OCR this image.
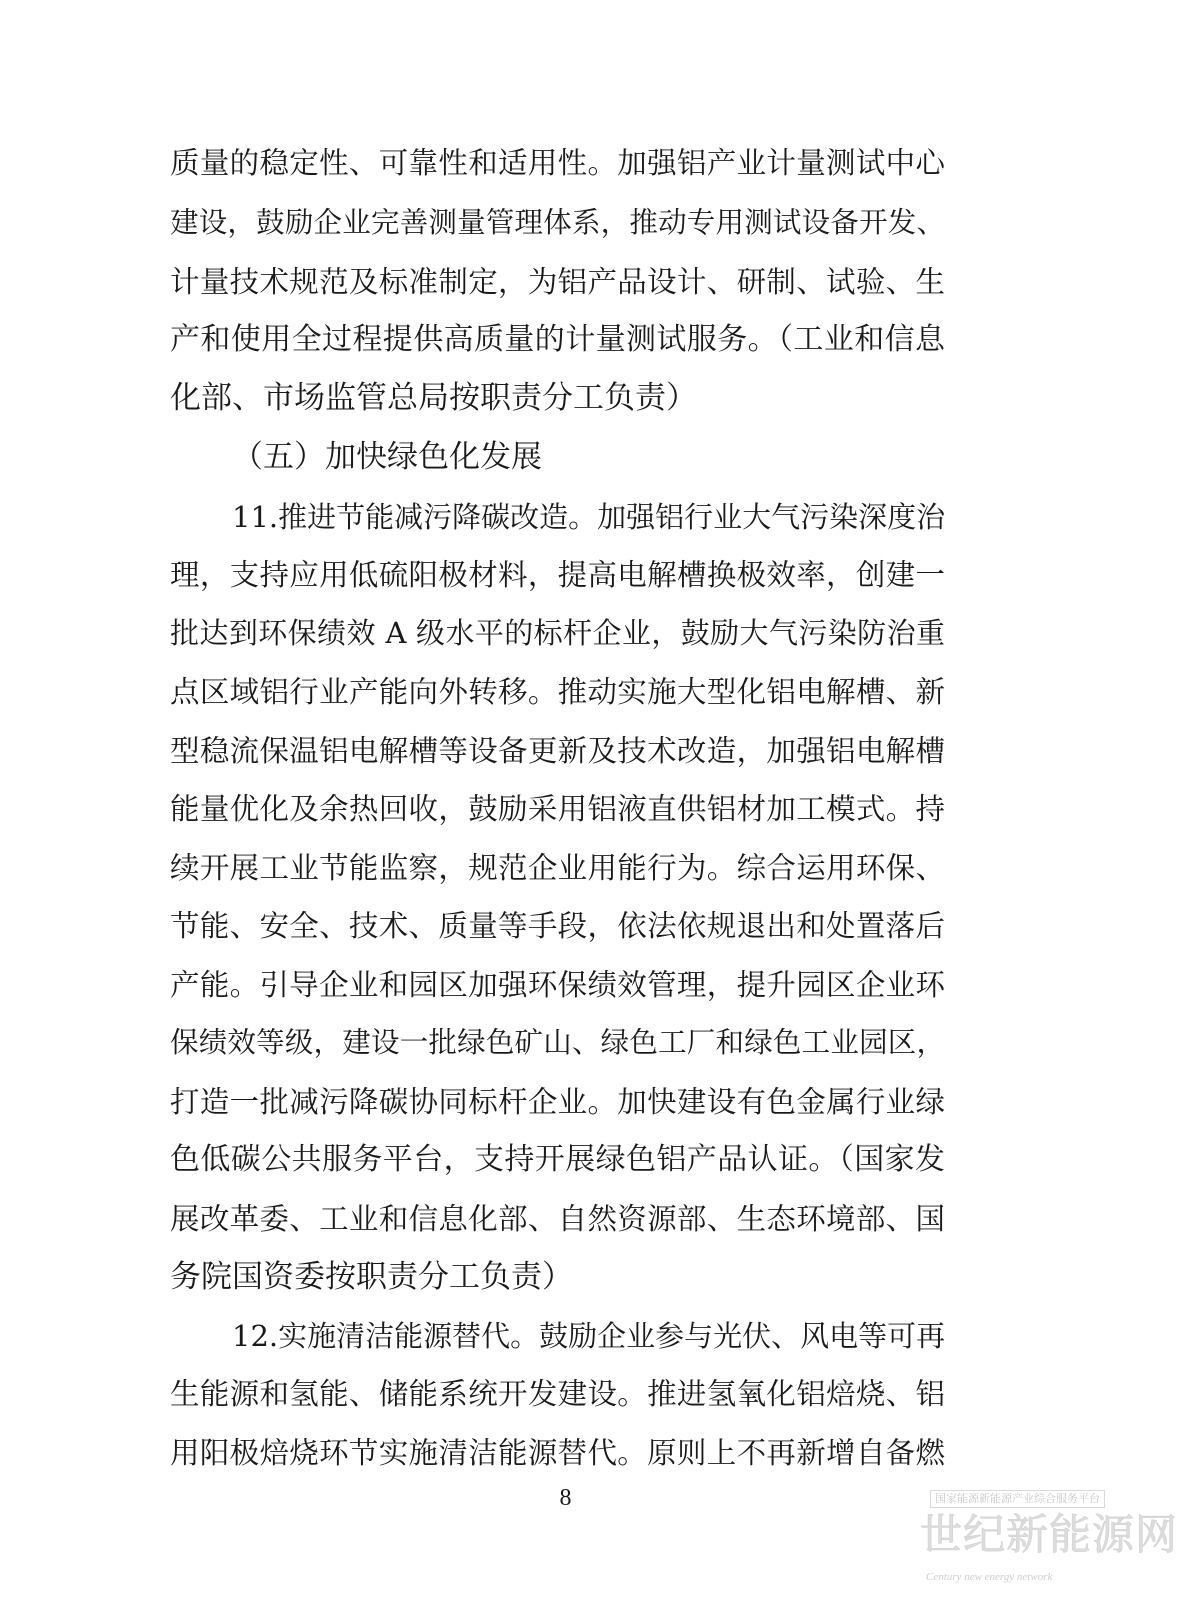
质量的稳定性、可靠性和适用性。加强铝产业计量测试中心
建设，鼓励企业完善测量管理体系，推动专用测试设备开发、
计量技术规范及标准制定，为铝产品设计、研制、试验、生
产和使用全过程提供高质量的计量测试服务。（工业和信息
化部、市场监管总局按职责分工负责）
（五）加快绿色化发展
11.推进节能减污降碳改造。加强铝行业大气污染深度治
理，支持应用低硫阳极材料，提高电解槽换极效率，创建一
批达到环保绩效 A 级水平的标杆企业，鼓励大气污染防治重
点区域铝行业产能向外转移。推动实施大型化铝电解槽、新
型稳流保温铝电解槽等设备更新及技术改造，加强铝电解槽
能量优化及余热回收，鼓励采用铝液直供铝材加工模式。持
续开展工业节能监察，规范企业用能行为。综合运用环保、
节能、安全、技术、质量等手段，依法依规退出和处置落后
产能。引导企业和园区加强环保绩效管理，提升园区企业环
保绩效等级，建设一批绿色矿山、绿色工厂和绿色工业园区，
打造一批减污降碳协同标杆企业。加快建设有色金属行业绿
色低碳公共服务平台，支持开展绿色铝产品认证。（国家发
展改革委、工业和信息化部、自然资源部、生态环境部、国
务院国资委按职责分工负责）
12.实施清洁能源替代。鼓励企业参与光伏、风电等可再
生能源和氢能、储能系统开发建设。推进氢氧化铝焙烧、铝
用阳极焙烧环节实施清洁能源替代。原则上不再新增自备燃
8	国家能源新能源产业综合服务平台
世纪新能源网
Century new energy network
